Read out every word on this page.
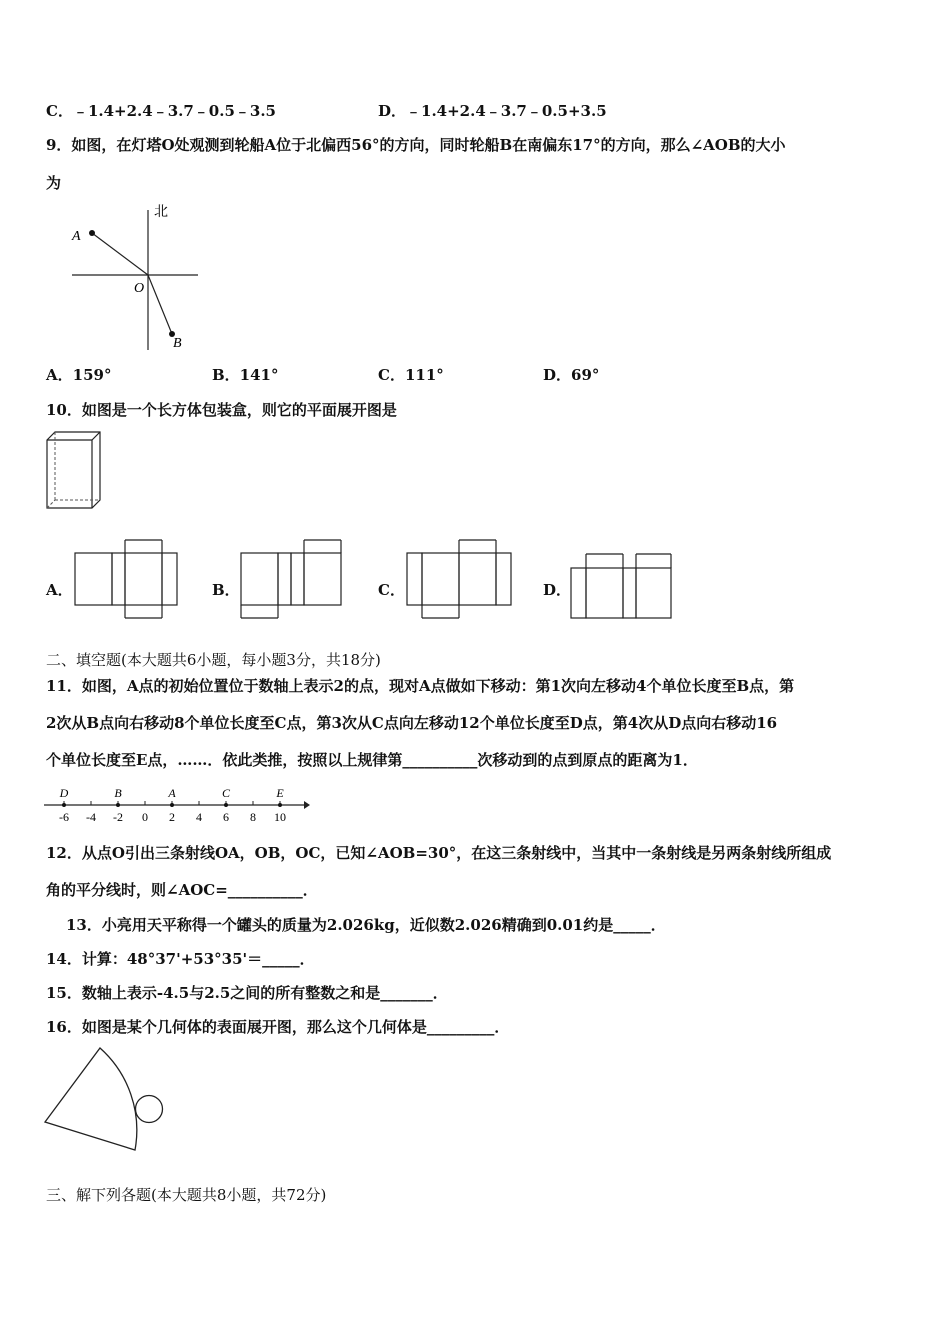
C．﹣1.4+2.4﹣3.7﹣0.5﹣3.5	D．﹣1.4+2.4﹣3.7﹣0.5+3.5
9．如图，在灯塔O处观测到轮船A位于北偏西56°的方向，同时轮船B在南偏东17°的方向，那么∠AOB的大小
为
北
A
O
B
A．159°	B．141°	C．111°	D．69°
10．如图是一个长方体包装盒，则它的平面展开图是
A．	B．	C．	D．
二、填空题(本大题共6小题，每小题3分，共18分)
11．如图，A点的初始位置位于数轴上表示2的点，现对A点做如下移动：第1次向左移动4个单位长度至B点，第
2次从B点向右移动8个单位长度至C点，第3次从C点向左移动12个单位长度至D点，第4次从D点向右移动16
个单位长度至E点，……．依此类推，按照以上规律第__________次移动到的点到原点的距离为1．
-6 -4 -2 0 2 4 6 8 10
D	B	A	C	E
12．从点O引出三条射线OA，OB，OC，已知∠AOB=30°，在这三条射线中，当其中一条射线是另两条射线所组成
角的平分线时，则∠AOC=__________．
13．小亮用天平称得一个罐头的质量为2.026kg，近似数2.026精确到0.01约是_____．
14．计算：48°37'+53°35'＝_____．
15．数轴上表示-4.5与2.5之间的所有整数之和是_______．
16．如图是某个几何体的表面展开图，那么这个几何体是_________．
三、解下列各题(本大题共8小题，共72分)
